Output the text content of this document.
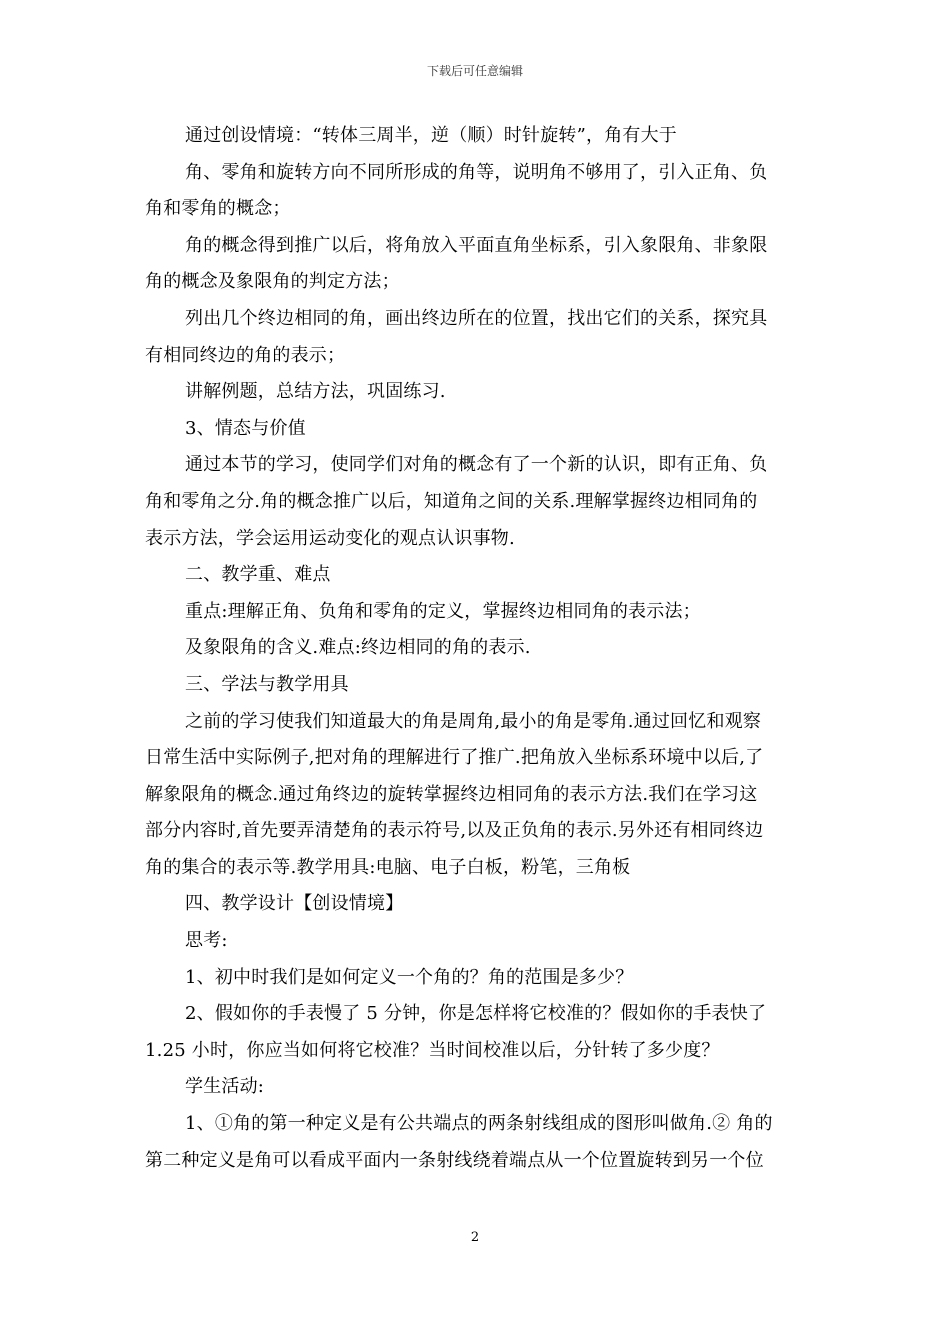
下载后可任意编辑
通过创设情境：“转体三周半，逆（顺）时针旋转”，角有大于
角、零角和旋转方向不同所形成的角等，说明角不够用了，引入正角、负
角和零角的概念；
角的概念得到推广以后，将角放入平面直角坐标系，引入象限角、非象限
角的概念及象限角的判定方法；
列出几个终边相同的角，画出终边所在的位置，找出它们的关系，探究具
有相同终边的角的表示；
讲解例题，总结方法，巩固练习.
3、情态与价值
通过本节的学习，使同学们对角的概念有了一个新的认识，即有正角、负
角和零角之分.角的概念推广以后，知道角之间的关系.理解掌握终边相同角的
表示方法，学会运用运动变化的观点认识事物.
二、教学重、难点
重点:理解正角、负角和零角的定义，掌握终边相同角的表示法；
及象限角的含义.难点:终边相同的角的表示.
三、学法与教学用具
之前的学习使我们知道最大的角是周角,最小的角是零角.通过回忆和观察
日常生活中实际例子,把对角的理解进行了推广.把角放入坐标系环境中以后,了
解象限角的概念.通过角终边的旋转掌握终边相同角的表示方法.我们在学习这
部分内容时,首先要弄清楚角的表示符号,以及正负角的表示.另外还有相同终边
角的集合的表示等.教学用具:电脑、电子白板，粉笔，三角板
四、教学设计【创设情境】
思考:
1、初中时我们是如何定义一个角的？角的范围是多少？
2、假如你的手表慢了 5 分钟，你是怎样将它校准的？假如你的手表快了
1.25 小时，你应当如何将它校准？当时间校准以后，分针转了多少度？
学生活动:
1、①角的第一种定义是有公共端点的两条射线组成的图形叫做角.② 角的
第二种定义是角可以看成平面内一条射线绕着端点从一个位置旋转到另一个位
2
